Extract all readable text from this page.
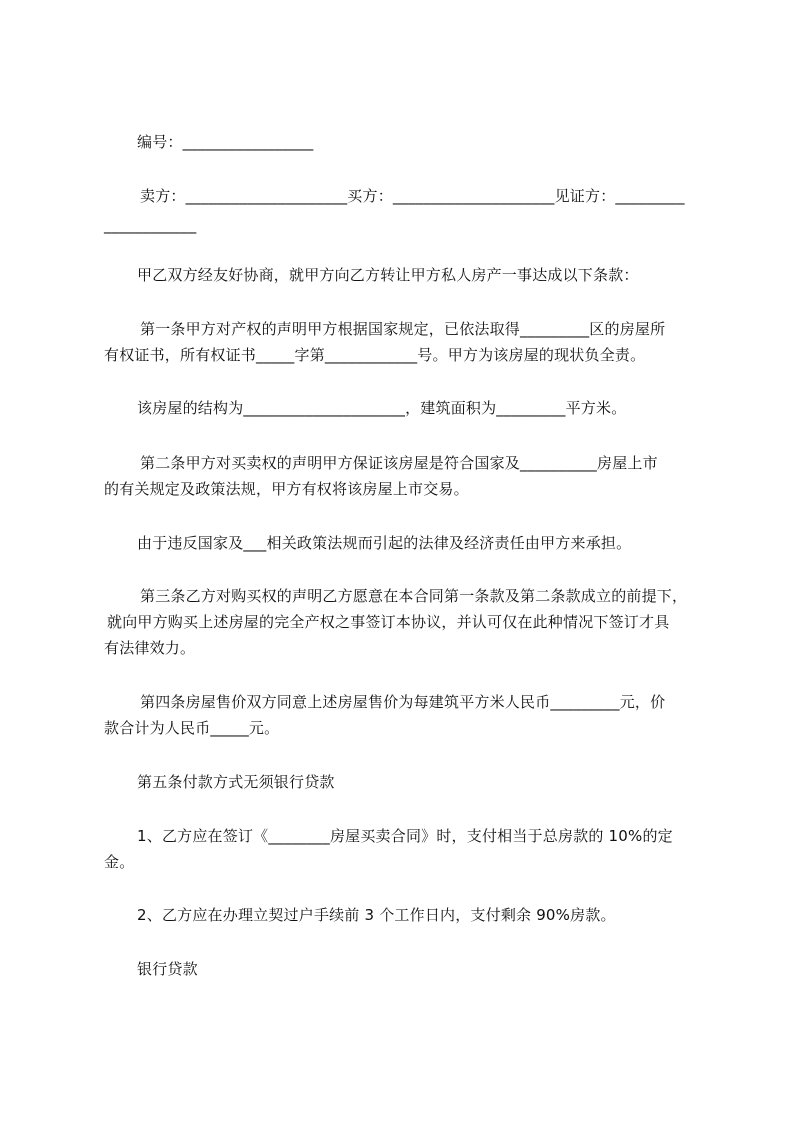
编号：_________________

卖方：_____________________买方：_____________________见证方：_________

____________

甲乙双方经友好协商，就甲方向乙方转让甲方私人房产一事达成以下条款：

第一条甲方对产权的声明甲方根据国家规定，已依法取得_________区的房屋所

有权证书，所有权证书_____字第____________号。甲方为该房屋的现状负全责。

该房屋的结构为_____________________，建筑面积为_________平方米。

第二条甲方对买卖权的声明甲方保证该房屋是符合国家及__________房屋上市

的有关规定及政策法规，甲方有权将该房屋上市交易。

由于违反国家及___相关政策法规而引起的法律及经济责任由甲方来承担。

第三条乙方对购买权的声明乙方愿意在本合同第一条款及第二条款成立的前提下，

就向甲方购买上述房屋的完全产权之事签订本协议，并认可仅在此种情况下签订才具

有法律效力。

第四条房屋售价双方同意上述房屋售价为每建筑平方米人民币_________元，价

款合计为人民币_____元。

第五条付款方式无须银行贷款

1、乙方应在签订《________房屋买卖合同》时，支付相当于总房款的 10%的定

金。

2、乙方应在办理立契过户手续前 3 个工作日内，支付剩余 90%房款。

银行贷款
